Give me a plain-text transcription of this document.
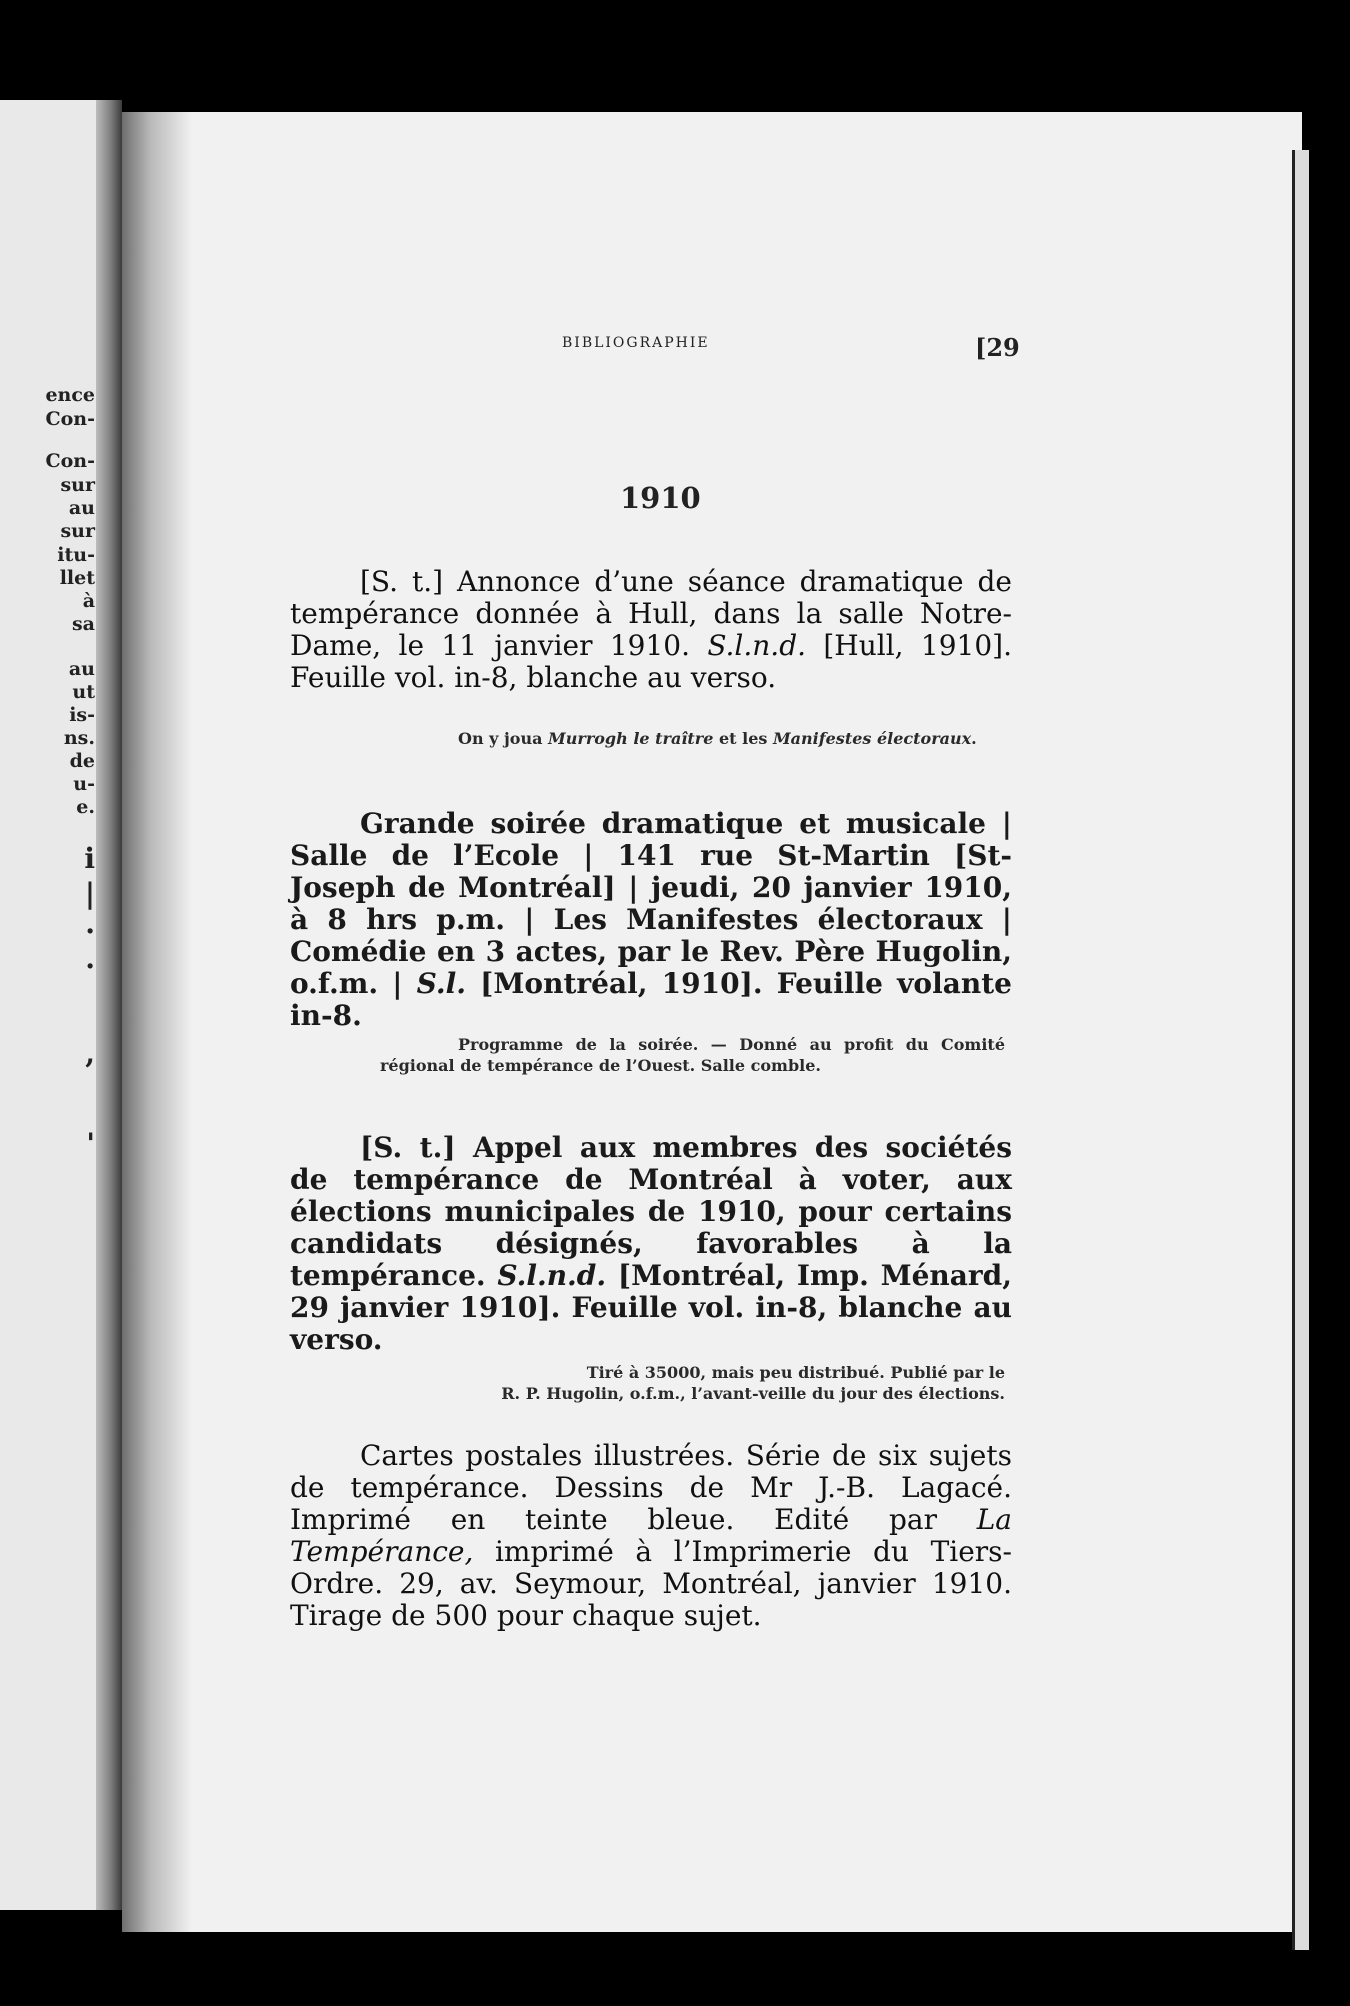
ence
Con-
Con-
sur
au
sur
itu-
llet
à
sa
au
ut
is-
ns.
de
u-
e.
i
|
.
.
,
'
BIBLIOGRAPHIE	[29
1910

[S. t.] Annonce d’une séance dramatique de tempérance donnée à Hull, dans la salle Notre-Dame, le 11 janvier 1910. S.l.n.d. [Hull, 1910]. Feuille vol. in-8, blanche au verso.

On y joua Murrogh le traître et les Manifestes électoraux.

Grande soirée dramatique et musicale | Salle de l’Ecole | 141 rue St-Martin [St-Joseph de Montréal] | jeudi, 20 janvier 1910, à 8 hrs p.m. | Les Manifestes électoraux | Comédie en 3 actes, par le Rev. Père Hugolin, o.f.m. | S.l. [Montréal, 1910]. Feuille volante in-8.

Programme de la soirée. — Donné au profit du Comité régional de tempérance de l’Ouest. Salle comble.

[S. t.] Appel aux membres des sociétés de tempérance de Montréal à voter, aux élections municipales de 1910, pour certains candidats désignés, favorables à la tempérance. S.l.n.d. [Montréal, Imp. Ménard, 29 janvier 1910]. Feuille vol. in-8, blanche au verso.

Tiré à 35000, mais peu distribué. Publié par le
R. P. Hugolin, o.f.m., l’avant-veille du jour des élections.

Cartes postales illustrées. Série de six sujets de tempérance. Dessins de Mr J.-B. Lagacé. Imprimé en teinte bleue. Edité par La Tempérance, imprimé à l’Imprimerie du Tiers-Ordre. 29, av. Seymour, Montréal, janvier 1910. Tirage de 500 pour chaque sujet.
